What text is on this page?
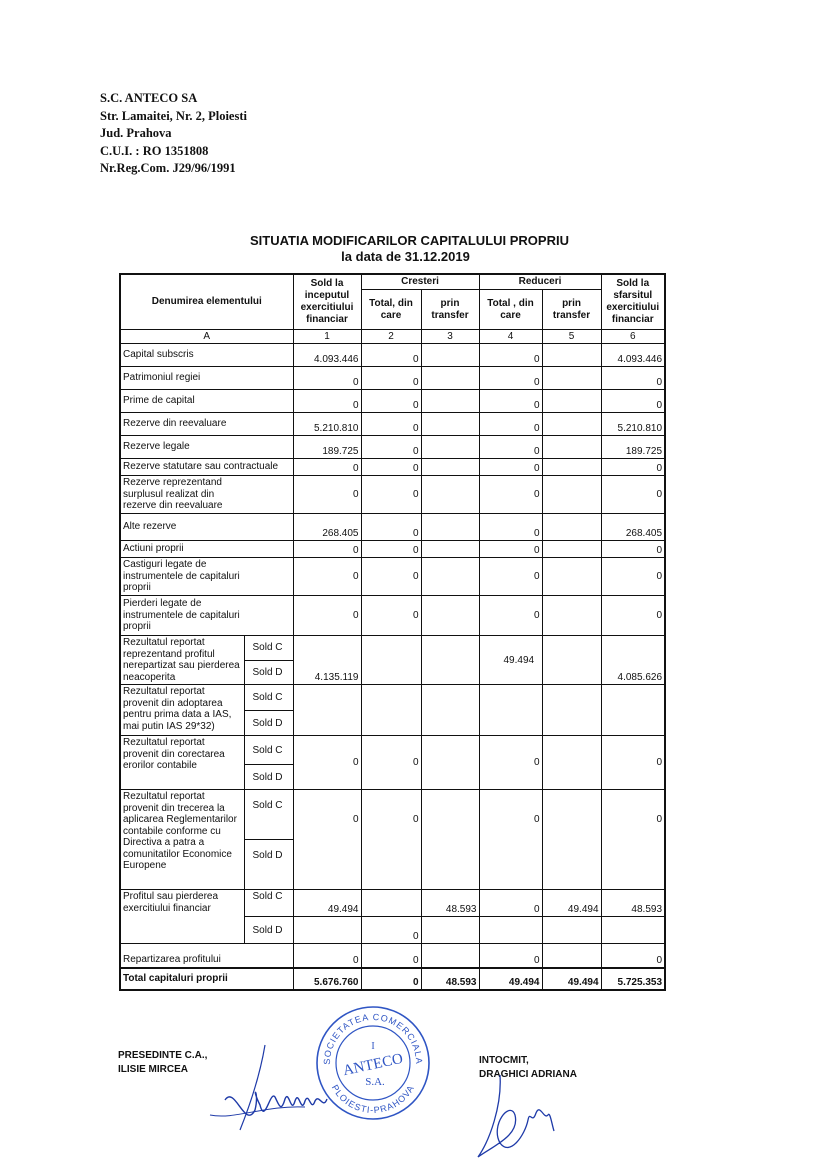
S.C. ANTECO SA
Str. Lamaitei, Nr. 2, Ploiesti
Jud. Prahova
C.U.I. : RO 1351808
Nr.Reg.Com. J29/96/1991
SITUATIA MODIFICARILOR CAPITALULUI PROPRIU
la data de 31.12.2019
Denumirea elementului		Sold la inceputul exercitiului financiar	Cresteri		Reduceri		Sold la sfarsitul exercitiului financiar
			Total, din care	prin transfer	Total , din care	prin transfer	
A		1	2	3	4	5	6
Capital subscris		4.093.446	0		0		4.093.446
Patrimoniul regiei		0	0		0		0
Prime de capital		0	0		0		0
Rezerve din reevaluare		5.210.810	0		0		5.210.810
Rezerve legale		189.725	0		0		189.725
Rezerve statutare sau contractuale		0	0		0		0
Rezerve reprezentand surplusul realizat din rezerve din reevaluare		0	0		0		0
Alte rezerve		268.405	0		0		268.405
Actiuni proprii		0	0		0		0
Castiguri legate de instrumentele de capitaluri proprii		0	0		0		0
Pierderi legate de instrumentele de capitaluri proprii		0	0		0		0
Rezultatul reportat reprezentand profitul nerepartizat sau pierderea neacoperita	Sold C	4.135.119			49.494		4.085.626
	Sold D						
Rezultatul reportat provenit din adoptarea pentru prima data a IAS, mai putin IAS 29*32)	Sold C						
	Sold D						
Rezultatul reportat provenit din corectarea erorilor contabile	Sold C	0	0		0		0
	Sold D						
Rezultatul reportat provenit din trecerea la aplicarea Reglementarilor contabile conforme cu Directiva a patra a comunitatilor Economice Europene	Sold C	0	0		0		0
	Sold D						
Profitul sau pierderea exercitiului financiar	Sold C	49.494		48.593	0	49.494	48.593
	Sold D		0				
Repartizarea profitului		0	0		0		0
Total capitaluri proprii		5.676.760	0	48.593	49.494	49.494	5.725.353
PRESEDINTE C.A.,
ILISIE MIRCEA
INTOCMIT,
DRAGHICI ADRIANA
SOCIETATEA COMERCIALA
PLOIESTI-PRAHOVA
I
ANTECO
S.A.
